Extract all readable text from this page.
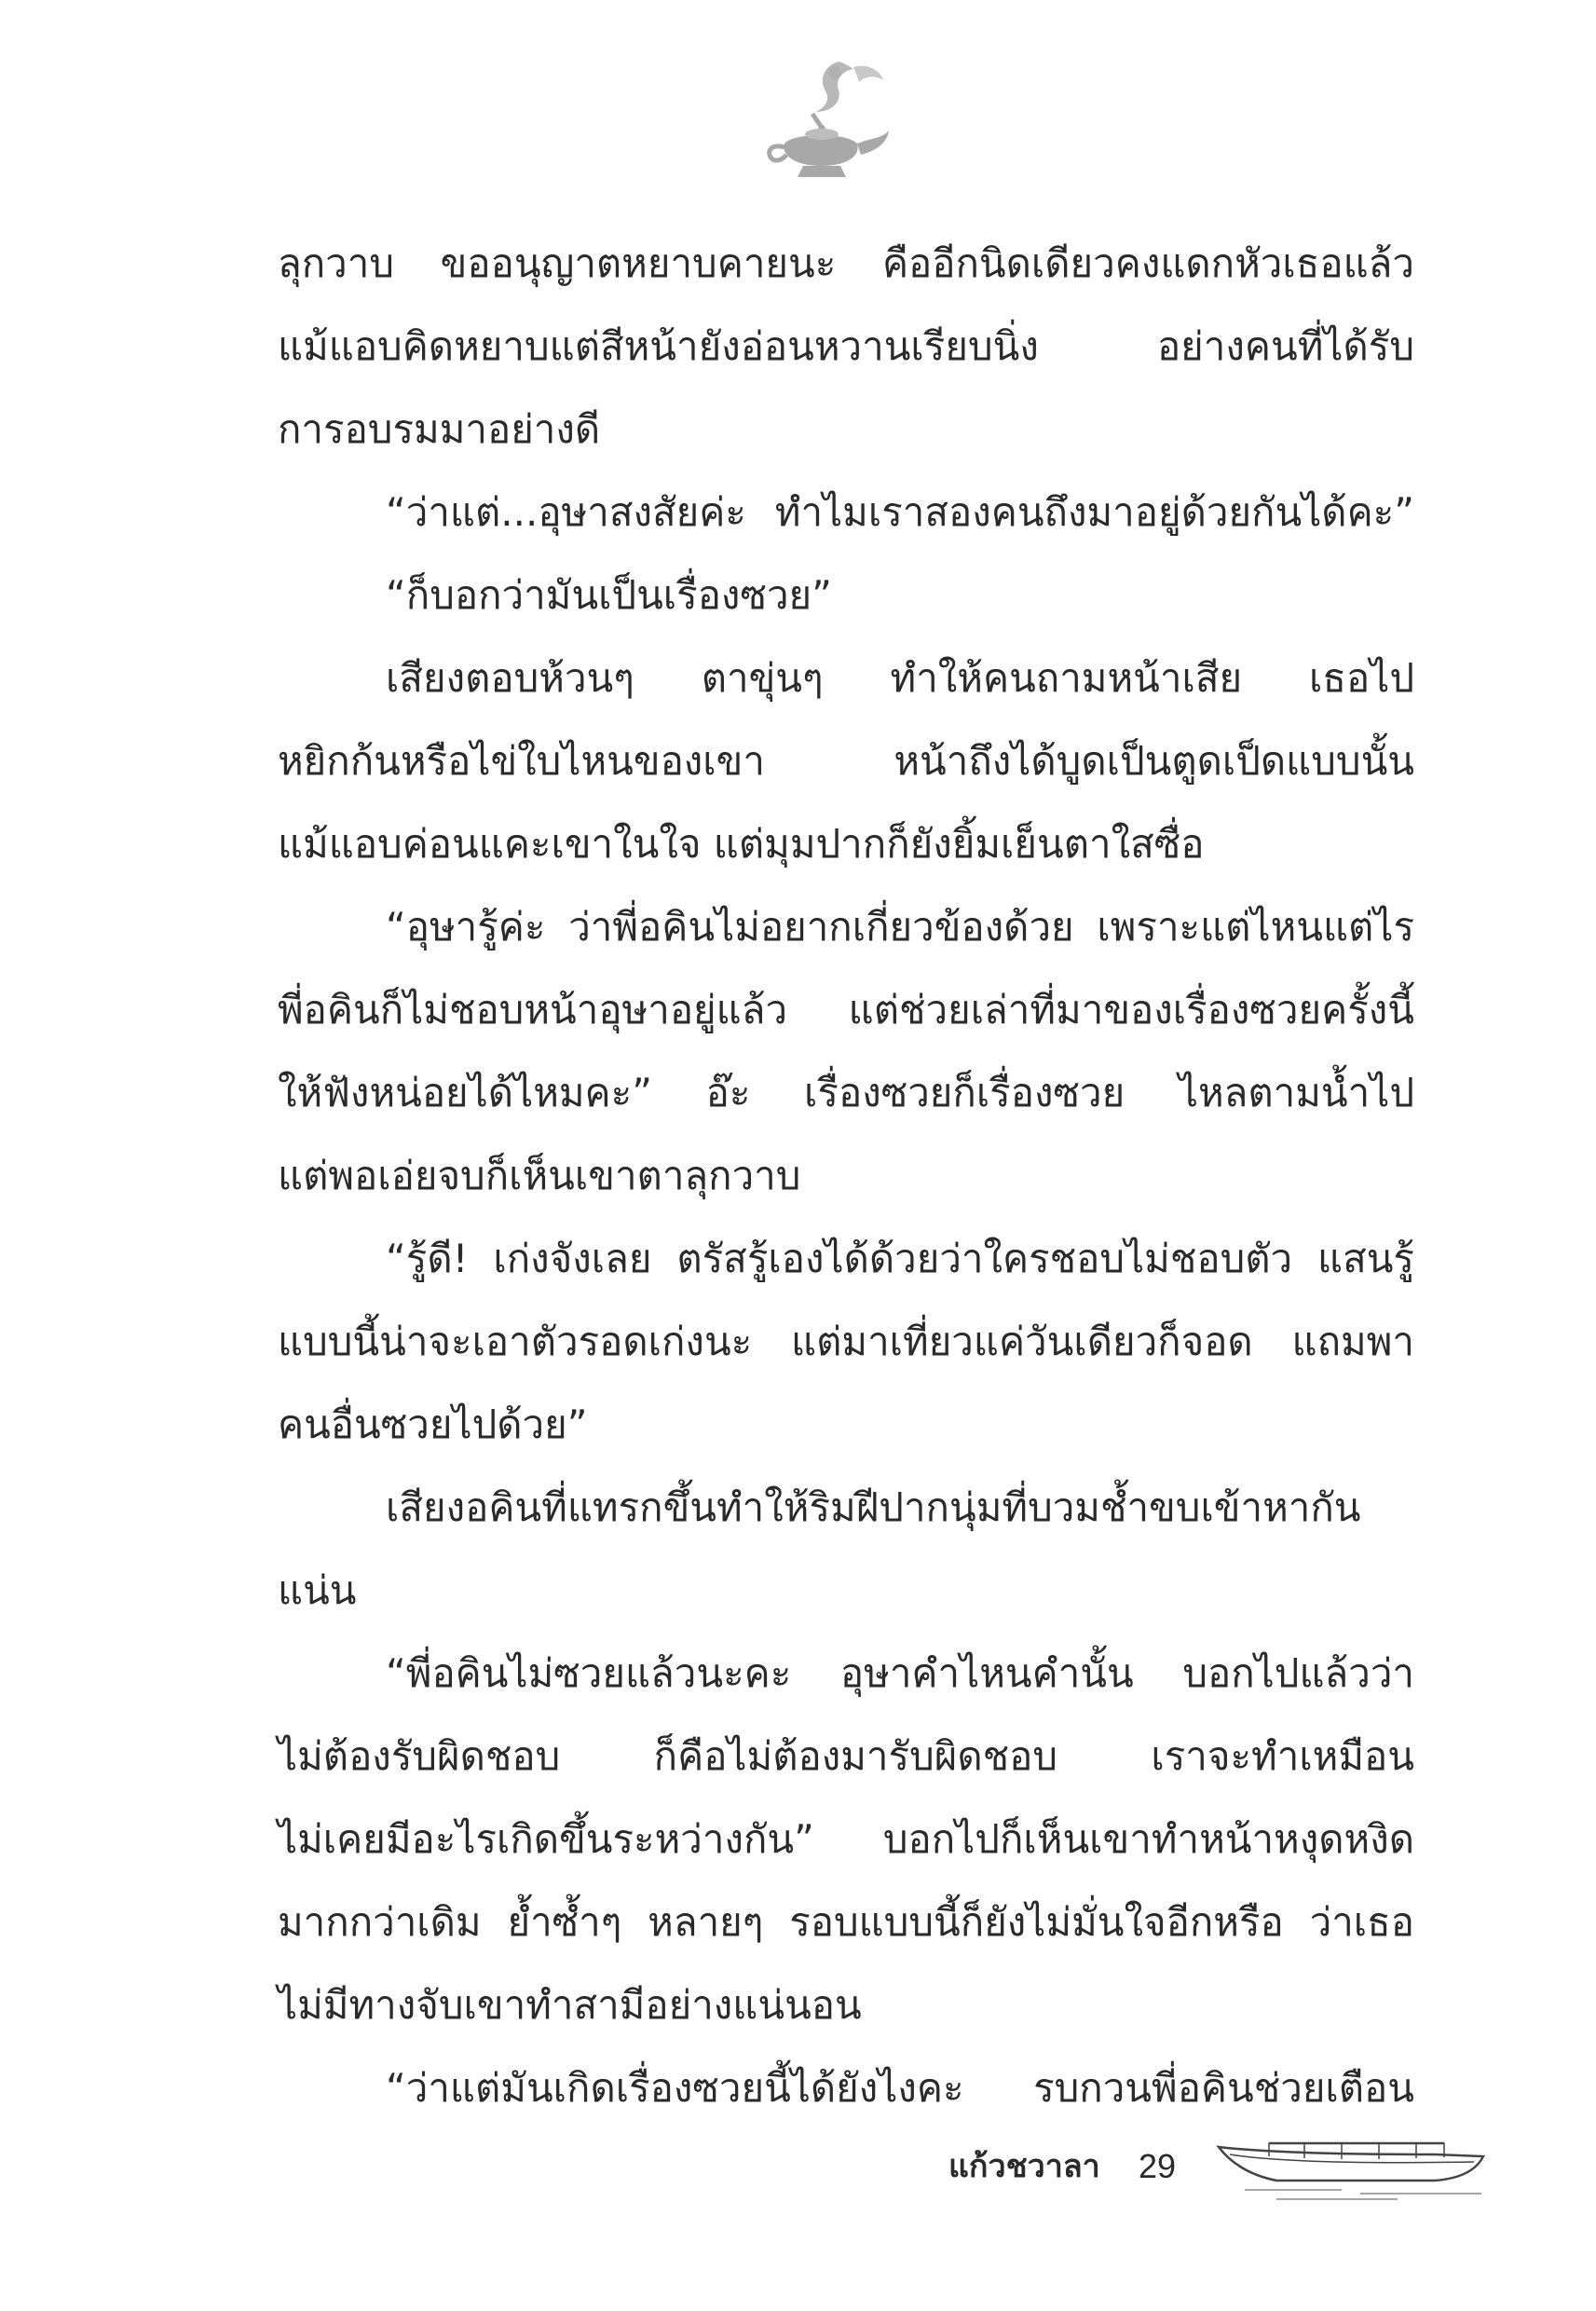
ลุกวาบ ขออนุญาตหยาบคายนะ คืออีกนิดเดียวคงแดกหัวเธอแล้ว
แม้แอบคิดหยาบแต่สีหน้ายังอ่อนหวานเรียบนิ่ง อย่างคนที่ได้รับ
การอบรมมาอย่างดี
“ว่าแต่...อุษาสงสัยค่ะ ทำไมเราสองคนถึงมาอยู่ด้วยกันได้คะ”
“ก็บอกว่ามันเป็นเรื่องซวย”
เสียงตอบห้วนๆ ตาขุ่นๆ ทำให้คนถามหน้าเสีย เธอไป
หยิกก้นหรือไข่ใบไหนของเขา หน้าถึงได้บูดเป็นตูดเป็ดแบบนั้น
แม้แอบค่อนแคะเขาในใจ แต่มุมปากก็ยังยิ้มเย็นตาใสซื่อ
“อุษารู้ค่ะ ว่าพี่อคินไม่อยากเกี่ยวข้องด้วย เพราะแต่ไหนแต่ไร
พี่อคินก็ไม่ชอบหน้าอุษาอยู่แล้ว แต่ช่วยเล่าที่มาของเรื่องซวยครั้งนี้
ให้ฟังหน่อยได้ไหมคะ” อ๊ะ เรื่องซวยก็เรื่องซวย ไหลตามน้ำไป
แต่พอเอ่ยจบก็เห็นเขาตาลุกวาบ
“รู้ดี! เก่งจังเลย ตรัสรู้เองได้ด้วยว่าใครชอบไม่ชอบตัว แสนรู้
แบบนี้น่าจะเอาตัวรอดเก่งนะ แต่มาเที่ยวแค่วันเดียวก็จอด แถมพา
คนอื่นซวยไปด้วย”
เสียงอคินที่แทรกขึ้นทำให้ริมฝีปากนุ่มที่บวมช้ำขบเข้าหากัน
แน่น
“พี่อคินไม่ซวยแล้วนะคะ อุษาคำไหนคำนั้น บอกไปแล้วว่า
ไม่ต้องรับผิดชอบ ก็คือไม่ต้องมารับผิดชอบ เราจะทำเหมือน
ไม่เคยมีอะไรเกิดขึ้นระหว่างกัน” บอกไปก็เห็นเขาทำหน้าหงุดหงิด
มากกว่าเดิม ย้ำซ้ำๆ หลายๆ รอบแบบนี้ก็ยังไม่มั่นใจอีกหรือ ว่าเธอ
ไม่มีทางจับเขาทำสามีอย่างแน่นอน
“ว่าแต่มันเกิดเรื่องซวยนี้ได้ยังไงคะ รบกวนพี่อคินช่วยเตือน
แก้วชวาลา 29
